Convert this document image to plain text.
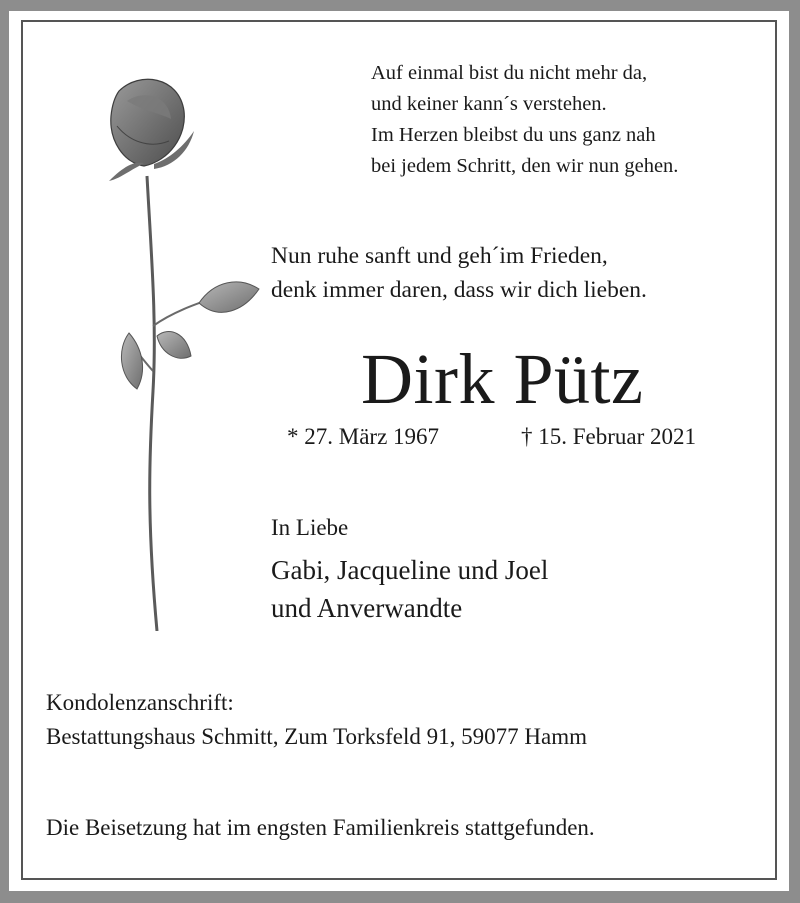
Auf einmal bist du nicht mehr da,
und keiner kann´s verstehen.
Im Herzen bleibst du uns ganz nah
bei jedem Schritt, den wir nun gehen.
Nun ruhe sanft und geh´im Frieden,
denk immer daren, dass wir dich lieben.
Dirk Pütz
* 27. März 1967	† 15. Februar 2021
In Liebe
Gabi, Jacqueline und Joel
und Anverwandte
Kondolenzanschrift:
Bestattungshaus Schmitt, Zum Torksfeld 91, 59077 Hamm
Die Beisetzung hat im engsten Familienkreis stattgefunden.
